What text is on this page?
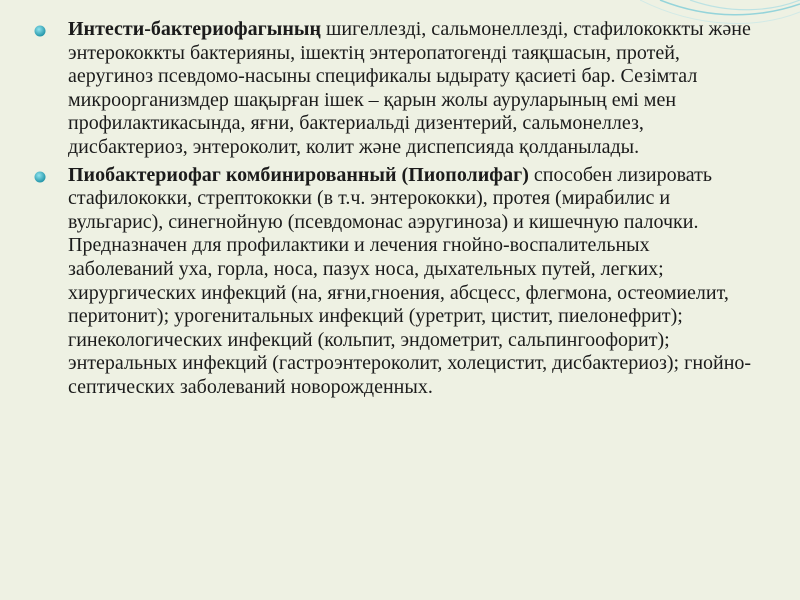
Интести-бактериофагының шигеллезді, сальмонеллезді, стафилококкты және энтерококкты бактерияны, ішектің энтеропатогенді таяқшасын, протей, аеругиноз псевдомо-насыны спецификалы ыдырату қасиеті бар. Сезімтал микроорганизмдер шақырған ішек – қарын жолы ауруларының емі мен профилактикасында, яғни, бактериальді дизентерий, сальмонеллез, дисбактериоз, энтероколит, колит және диспепсияда қолданылады.
Пиобактериофаг комбинированный (Пиополифаг) способен лизировать стафилококки, стрептококки (в т.ч. энтерококки), протея (мирабилис и вульгарис), синегнойную (псевдомонас аэругиноза) и кишечную палочки. Предназначен для профилактики и лечения гнойно-воспалительных заболеваний уха, горла, носа, пазух носа, дыхательных путей, легких; хирургических инфекций (на, яғни,гноения, абсцесс, флегмона, остеомиелит, перитонит); урогенитальных инфекций (уретрит, цистит, пиелонефрит); гинекологических инфекций (кольпит, эндометрит, сальпингоофорит); энтеральных инфекций (гастроэнтероколит, холецистит, дисбактериоз); гнойно-септических заболеваний новорожденных.
